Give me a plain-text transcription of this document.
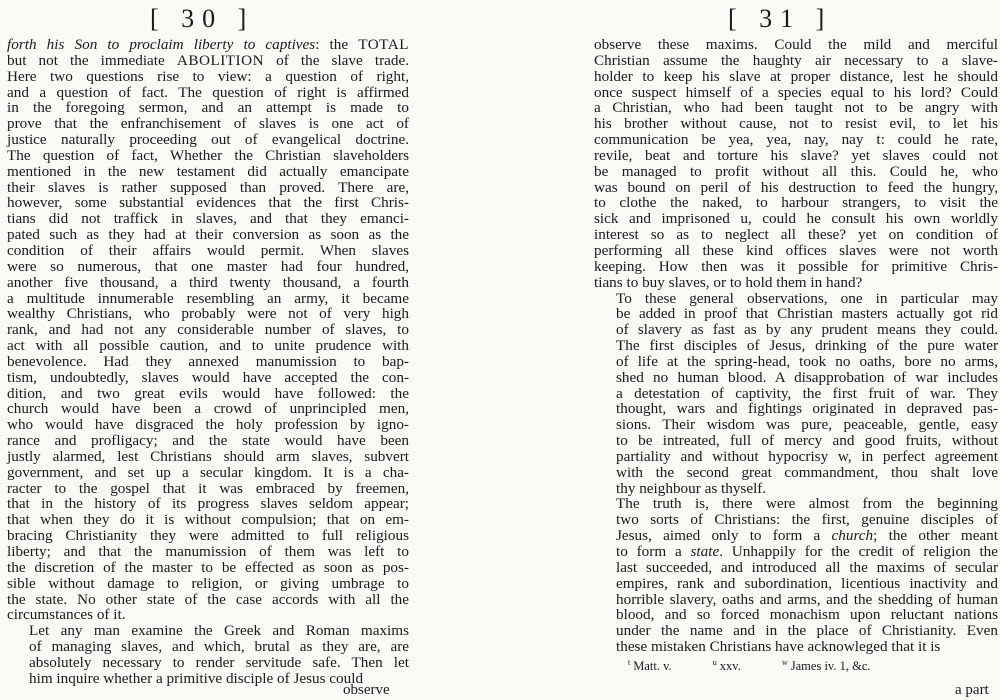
[ 30 ]

forth his Son to proclaim liberty to captives: the TOTAL
but not the immediate ABOLITION of the slave trade.
Here two questions rise to view: a question of right,
and a question of fact. The question of right is affirmed
in the foregoing sermon, and an attempt is made to
prove that the enfranchisement of slaves is one act of
justice naturally proceeding out of evangelical doctrine.
The question of fact, Whether the Christian slaveholders
mentioned in the new testament did actually emancipate
their slaves is rather supposed than proved. There are,
however, some substantial evidences that the first Chris-
tians did not traffick in slaves, and that they emanci-
pated such as they had at their conversion as soon as the
condition of their affairs would permit. When slaves
were so numerous, that one master had four hundred,
another five thousand, a third twenty thousand, a fourth
a multitude innumerable resembling an army, it became
wealthy Christians, who probably were not of very high
rank, and had not any considerable number of slaves, to
act with all possible caution, and to unite prudence with
benevolence. Had they annexed manumission to bap-
tism, undoubtedly, slaves would have accepted the con-
dition, and two great evils would have followed: the
church would have been a crowd of unprincipled men,
who would have disgraced the holy profession by igno-
rance and profligacy; and the state would have been
justly alarmed, lest Christians should arm slaves, subvert
government, and set up a secular kingdom. It is a cha-
racter to the gospel that it was embraced by freemen,
that in the history of its progress slaves seldom appear;
that when they do it is without compulsion; that on em-
bracing Christianity they were admitted to full religious
liberty; and that the manumission of them was left to
the discretion of the master to be effected as soon as pos-
sible without damage to religion, or giving umbrage to
the state. No other state of the case accords with all the
circumstances of it.

Let any man examine the Greek and Roman maxims
of managing slaves, and which, brutal as they are, are
absolutely necessary to render servitude safe. Then let
him inquire whether a primitive disciple of Jesus could

[ 31 ]

observe these maxims. Could the mild and merciful
Christian assume the haughty air necessary to a slave-
holder to keep his slave at proper distance, lest he should
once suspect himself of a species equal to his lord? Could
a Christian, who had been taught not to be angry with
his brother without cause, not to resist evil, to let his
communication be yea, yea, nay, nay t: could he rate,
revile, beat and torture his slave? yet slaves could not
be managed to profit without all this. Could he, who
was bound on peril of his destruction to feed the hungry,
to clothe the naked, to harbour strangers, to visit the
sick and imprisoned u, could he consult his own worldly
interest so as to neglect all these? yet on condition of
performing all these kind offices slaves were not worth
keeping. How then was it possible for primitive Chris-
tians to buy slaves, or to hold them in hand?

To these general observations, one in particular may
be added in proof that Christian masters actually got rid
of slavery as fast as by any prudent means they could.
The first disciples of Jesus, drinking of the pure water
of life at the spring-head, took no oaths, bore no arms,
shed no human blood. A disapprobation of war includes
a detestation of captivity, the first fruit of war. They
thought, wars and fightings originated in depraved pas-
sions. Their wisdom was pure, peaceable, gentle, easy
to be intreated, full of mercy and good fruits, without
partiality and without hypocrisy w, in perfect agreement
with the second great commandment, thou shalt love
thy neighbour as thyself.

The truth is, there were almost from the beginning
two sorts of Christians: the first, genuine disciples of
Jesus, aimed only to form a church; the other meant
to form a state. Unhappily for the credit of religion the
last succeeded, and introduced all the maxims of secular
empires, rank and subordination, licentious inactivity and
horrible slavery, oaths and arms, and the shedding of human
blood, and so forced monachism upon reluctant nations
under the name and in the place of Christianity. Even
these mistaken Christians have acknowleged that it is

$^t$ Matt. v.	$^u$ xxv.	$^w$ James iv. 1, &c.
a part
observe
